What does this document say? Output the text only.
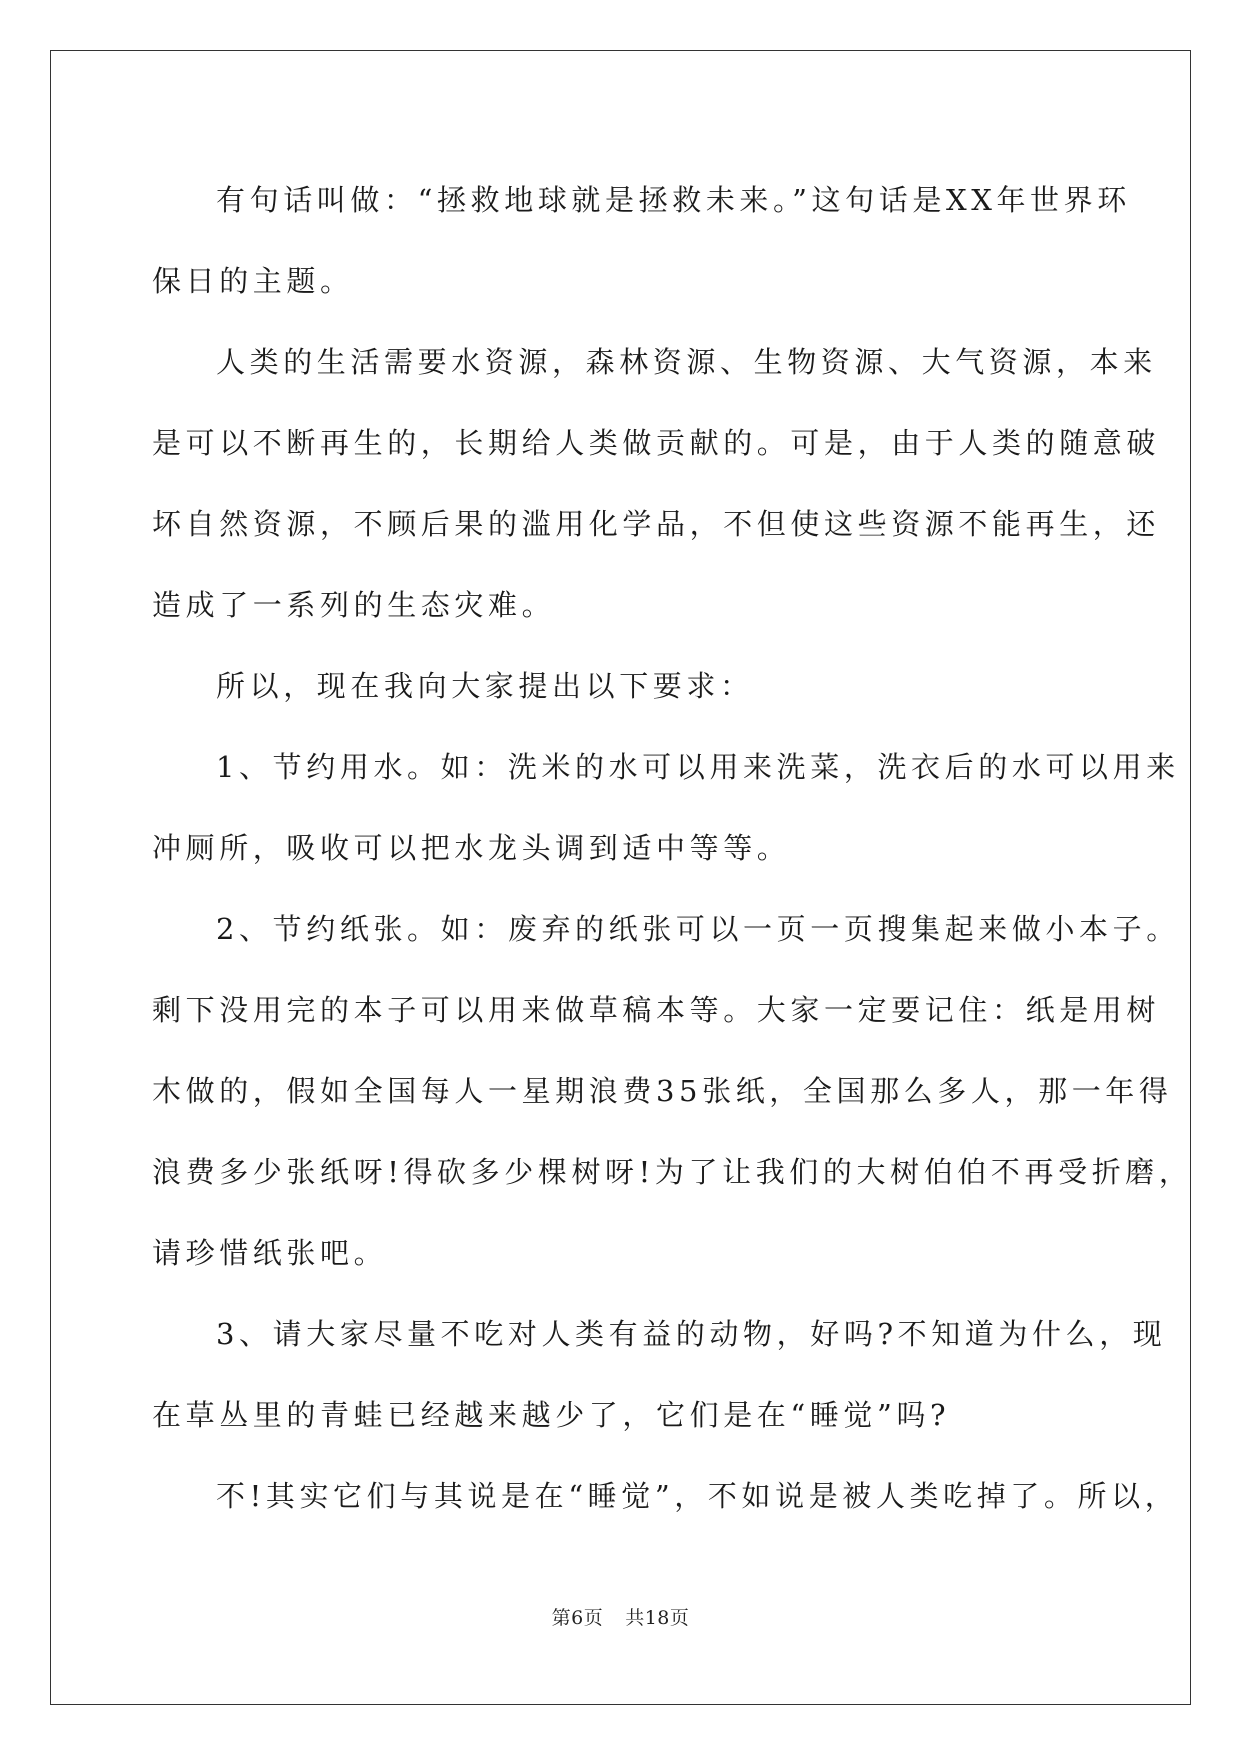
有句话叫做：“拯救地球就是拯救未来。”这句话是XX年世界环
保日的主题。

人类的生活需要水资源，森林资源、生物资源、大气资源，本来
是可以不断再生的，长期给人类做贡献的。可是，由于人类的随意破
坏自然资源，不顾后果的滥用化学品，不但使这些资源不能再生，还
造成了一系列的生态灾难。

所以，现在我向大家提出以下要求：

1、节约用水。如：洗米的水可以用来洗菜，洗衣后的水可以用来
冲厕所，吸收可以把水龙头调到适中等等。

2、节约纸张。如：废弃的纸张可以一页一页搜集起来做小本子。
剩下没用完的本子可以用来做草稿本等。大家一定要记住：纸是用树
木做的，假如全国每人一星期浪费35张纸，全国那么多人，那一年得
浪费多少张纸呀!得砍多少棵树呀!为了让我们的大树伯伯不再受折磨，
请珍惜纸张吧。

3、请大家尽量不吃对人类有益的动物，好吗?不知道为什么，现
在草丛里的青蛙已经越来越少了，它们是在“睡觉”吗?

不!其实它们与其说是在“睡觉”，不如说是被人类吃掉了。所以，

第6页 共18页
